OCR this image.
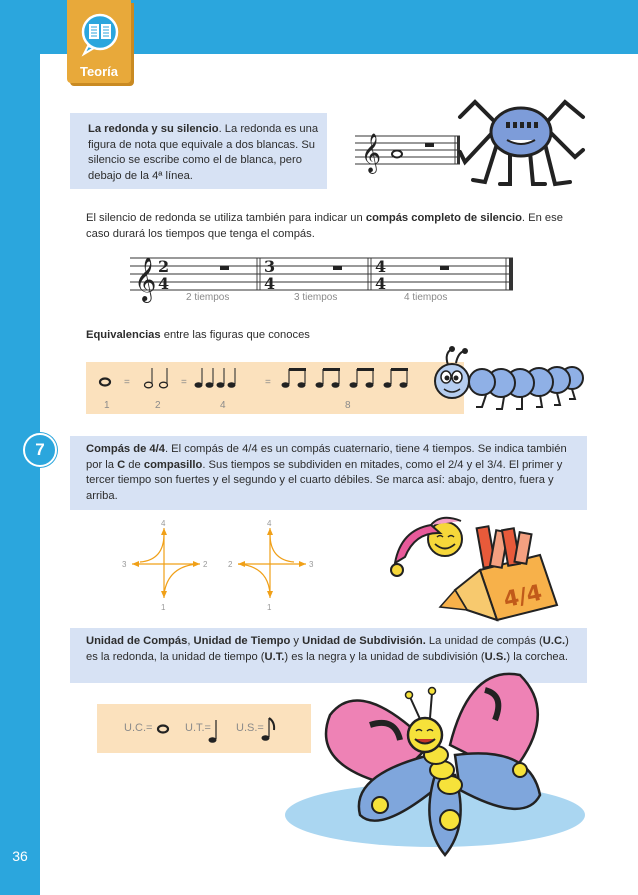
Teoría
La redonda y su silencio. La redonda es una figura de nota que equivale a dos blancas. Su silencio se escribe como el de blanca, pero debajo de la 4ª línea.
𝄞
El silencio de redonda se utiliza también para indicar un compás completo de silencio. En ese caso durará los tiempos que tenga el compás.
𝄞 2
4
3
4
4
4
2 tiempos	3 tiempos	4 tiempos
Equivalencias entre las figuras que conoces
=	=	=
1	2	4	8
7	Compás de 4/4. El compás de 4/4 es un compás cuaternario, tiene 4 tiempos. Se indica también por la C de compasillo. Sus tiempos se subdividen en mitades, como el 2/4 y el 3/4. El primer y tercer tiempo son fuertes y el segundo y el cuarto débiles. Se marca así: abajo, dentro, fuera y arriba.
4
3	2
1
4
2	3
1	4/4
Unidad de Compás, Unidad de Tiempo y Unidad de Subdivisión. La unidad de compás (U.C.) es la redonda, la unidad de tiempo (U.T.) es la negra y la unidad de subdivisión (U.S.) la corchea.
U.C.=	U.T.= U.S.=
36
